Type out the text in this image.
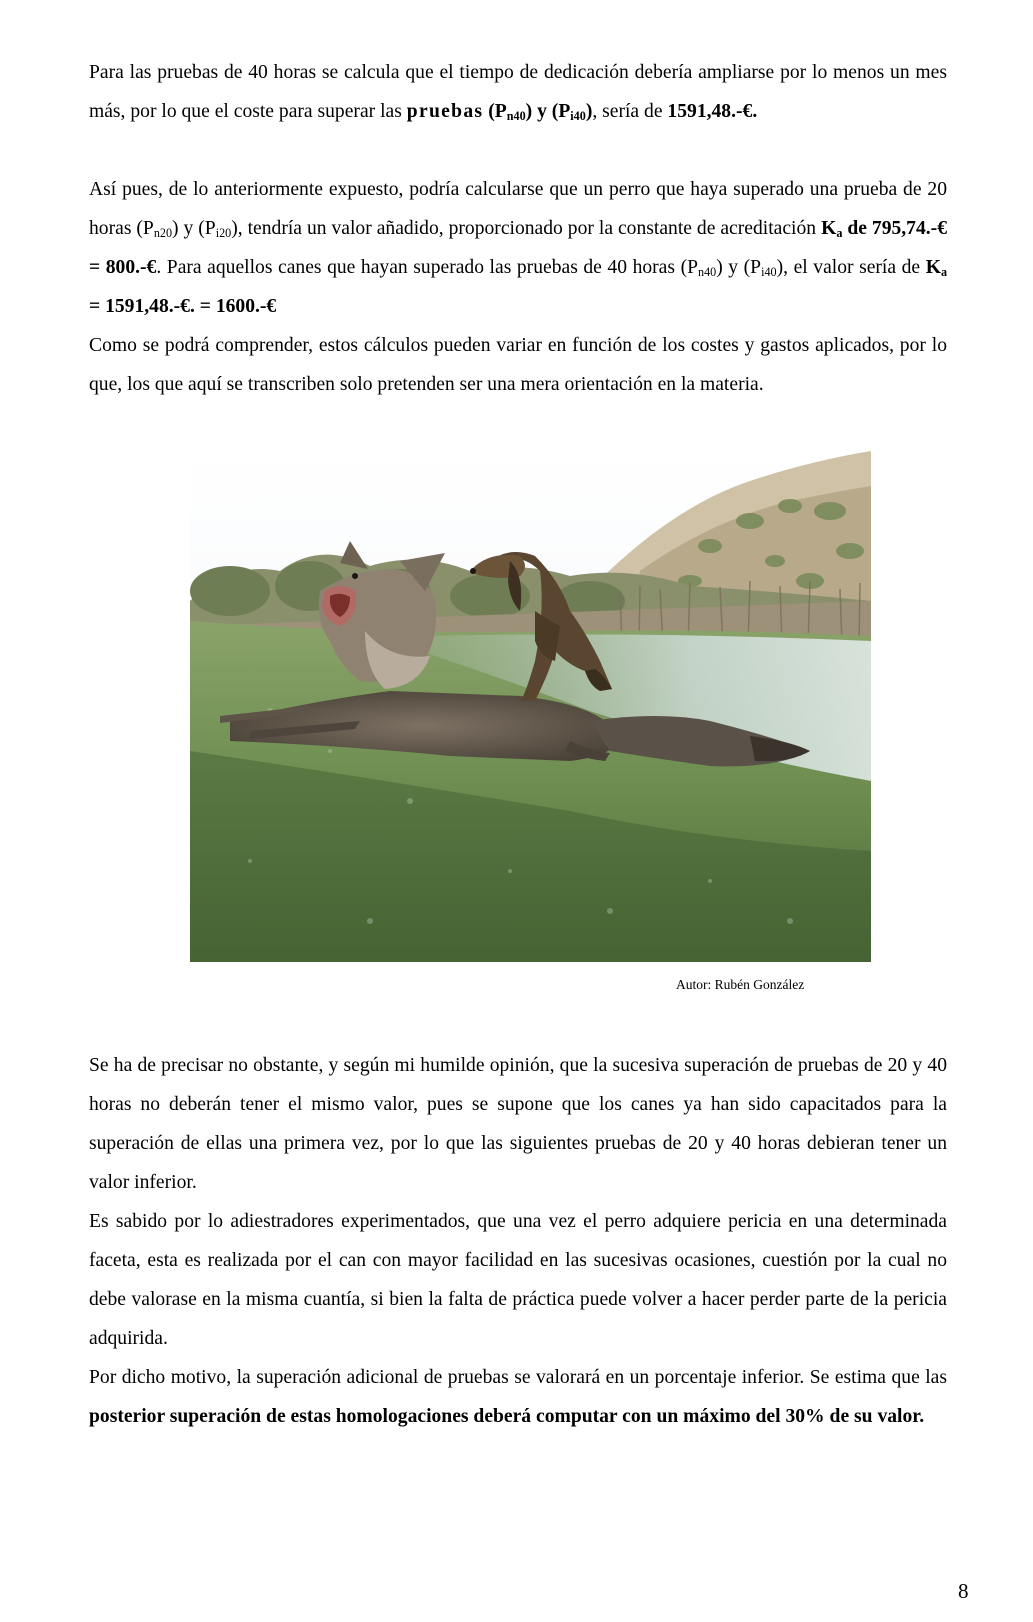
Para las pruebas de 40 horas se calcula que el tiempo de dedicación debería ampliarse por lo menos un mes más, por lo que el coste para superar las pruebas $(P_{n40})$ y $(P_{i40})$, sería de 1591,48.-€.

Así pues, de lo anteriormente expuesto, podría calcularse que un perro que haya superado una prueba de 20 horas $(P_{n20})$ y $(P_{i20})$, tendría un valor añadido, proporcionado por la constante de acreditación $K_a$ de 795,74.-€ = 800.-€. Para aquellos canes que hayan superado las pruebas de 40 horas $(P_{n40})$ y $(P_{i40})$, el valor sería de $K_a$ = 1591,48.-€. = 1600.-€

Como se podrá comprender, estos cálculos pueden variar en función de los costes y gastos aplicados, por lo que, los que aquí se transcriben solo pretenden ser una mera orientación en la materia.

Autor: Rubén González

Se ha de precisar no obstante, y según mi humilde opinión, que la sucesiva superación de pruebas de 20 y 40 horas no deberán tener el mismo valor, pues se supone que los canes ya han sido capacitados para la superación de ellas una primera vez, por lo que las siguientes pruebas de 20 y 40 horas debieran tener un valor inferior.

Es sabido por lo adiestradores experimentados, que una vez el perro adquiere pericia en una determinada faceta, esta es realizada por el can con mayor facilidad en las sucesivas ocasiones, cuestión por la cual no debe valorase en la misma cuantía, si bien la falta de práctica puede volver a hacer perder parte de la pericia adquirida.

Por dicho motivo, la superación adicional de pruebas se valorará en un porcentaje inferior. Se estima que las posterior superación de estas homologaciones deberá computar con un máximo del 30% de su valor.

8
